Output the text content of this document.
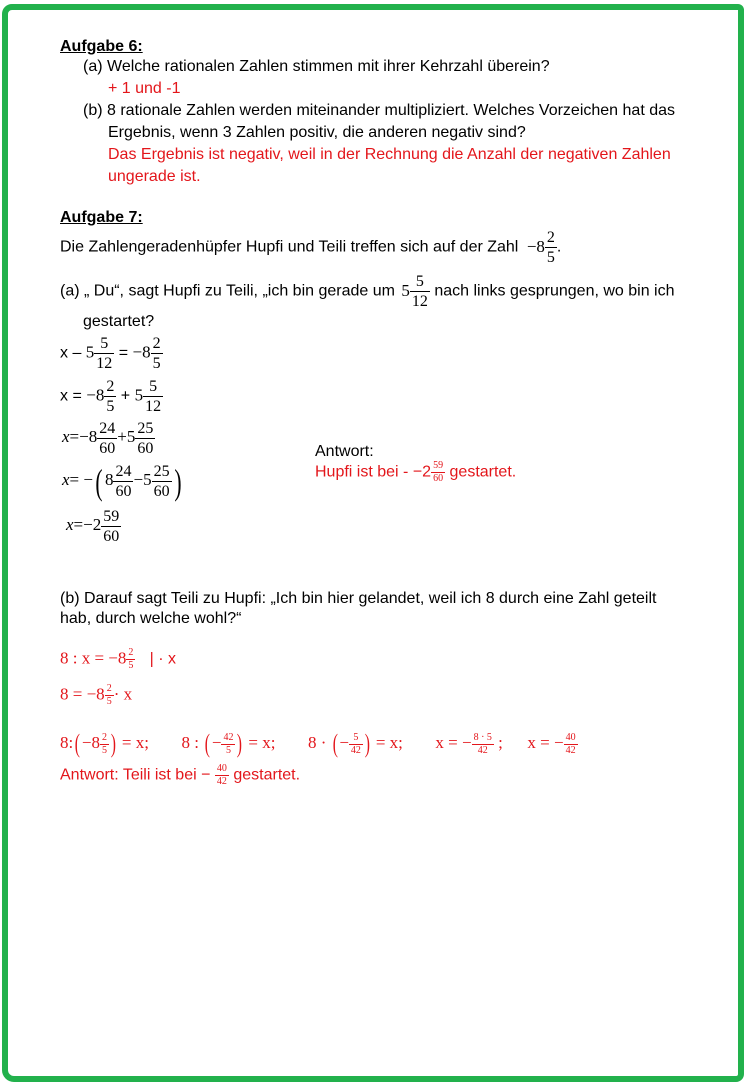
Aufgabe 6:
(a) Welche rationalen Zahlen stimmen mit ihrer Kehrzahl überein?
+ 1 und -1
(b) 8 rationale Zahlen werden miteinander multipliziert. Welches Vorzeichen hat das
Ergebnis, wenn 3 Zahlen positiv, die anderen negativ sind?
Das Ergebnis ist negativ, weil in der Rechnung die Anzahl der negativen Zahlen
ungerade ist.
Aufgabe 7:
Die Zahlengeradenhüpfer Hupfi und Teili treffen sich auf der Zahl $-8 \frac{2}{5}$ .
(a) „ Du“, sagt Hupfi zu Teili, „ich bin gerade um $5 \frac{5}{12}$ nach links gesprungen, wo bin ich
gestartet?
$x - 5 \frac{5}{12} = -8 \frac{2}{5}$
$x = -8 \frac{2}{5} + 5 \frac{5}{12}$
$x=-8 \frac{24}{60} +5 \frac{25}{60}$
x= −( $8 \frac{24}{60} -5 \frac{25}{60}$ )
$x=-2 \frac{59}{60}$
Antwort:
Hupfi ist bei - $-2 \frac{59}{60}$ gestartet.
(b) Darauf sagt Teili zu Hupfi: „Ich bin hier gelandet, weil ich 8 durch eine Zahl geteilt
hab, durch welche wohl?“
8 : $x = -8 \frac{2}{5}$ | · x
$8 = -8 \frac{2}{5} \cdot x$
8:( $-8 \frac{2}{5}$ ) = x; 8 : ( − $\frac{42}{5}$ ) = x; 8 · ( − $\frac{5}{42}$ ) = x; x = − $\frac{8 \cdot 5}{42}$ ; x = − $\frac{40}{42}$
Antwort: Teili ist bei − $\frac{40}{42}$ gestartet.
